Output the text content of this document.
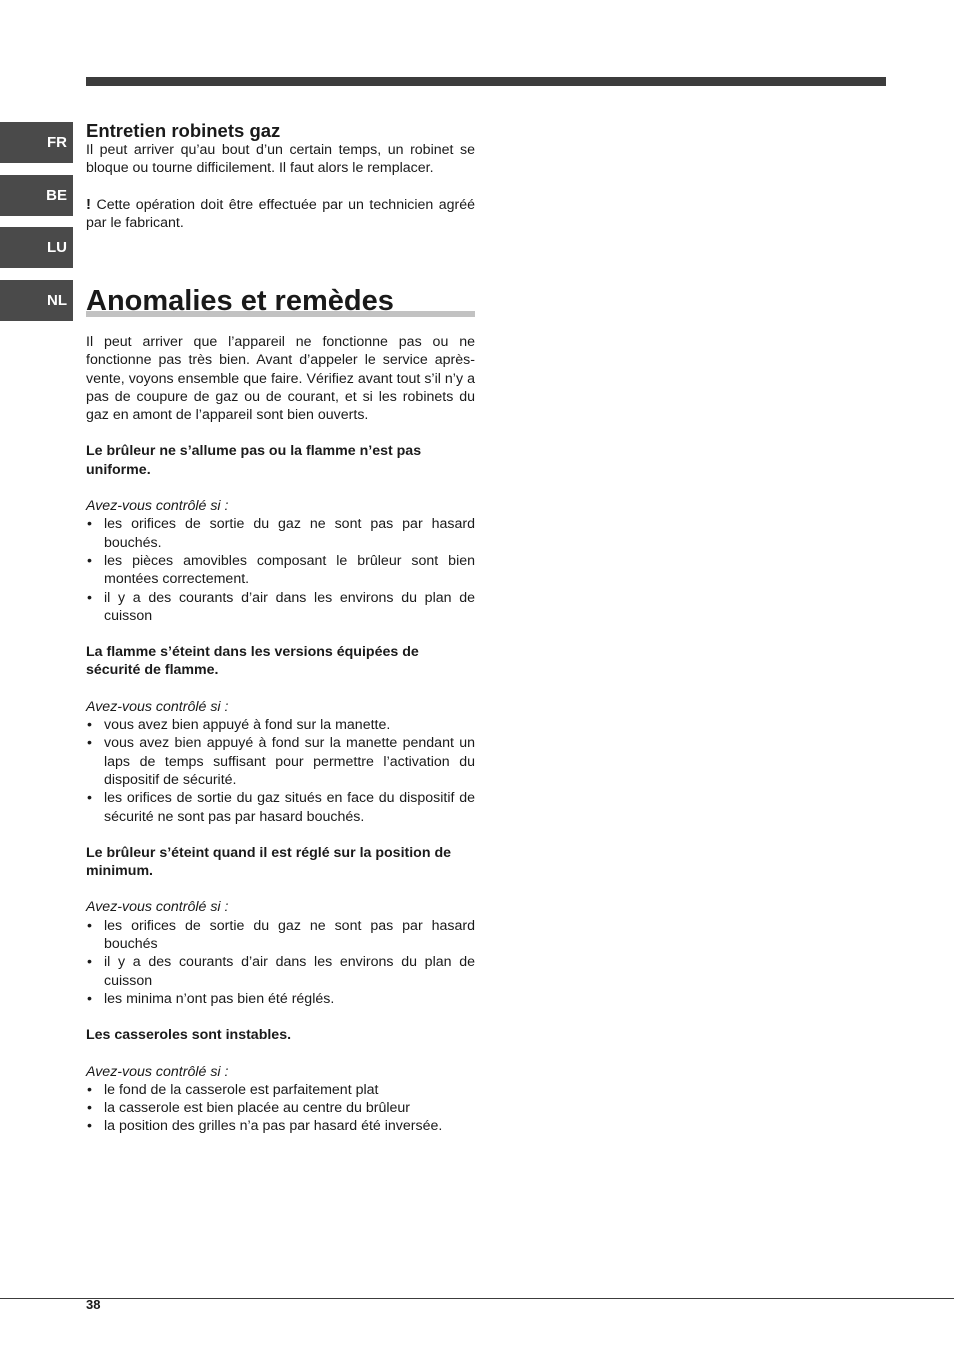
FR
BE
LU
NL
Entretien robinets gaz

Il peut arriver qu’au bout d’un certain temps, un robinet se bloque ou tourne difficilement. Il faut alors le remplacer.

! Cette opération doit être effectuée par un technicien agréé par le fabricant.

Anomalies et remèdes

Il peut arriver que l’appareil ne fonctionne pas ou ne fonctionne pas très bien. Avant d’appeler le service après-vente, voyons ensemble que faire. Vérifiez avant tout s’il n’y a pas de coupure de gaz ou de courant, et si les robinets du gaz en amont de l’appareil sont bien ouverts.

Le brûleur ne s’allume pas ou la flamme n’est pas uniforme.

Avez-vous contrôlé si :

• les orifices de sortie du gaz ne sont pas par hasard bouchés.
• les pièces amovibles composant le brûleur sont bien montées correctement.
• il y a des courants d’air dans les environs du plan de cuisson

La flamme s’éteint dans les versions équipées de sécurité de flamme.

Avez-vous contrôlé si :

• vous avez bien appuyé à fond sur la manette.
• vous avez bien appuyé à fond sur la manette pendant un laps de temps suffisant pour permettre l’activation du dispositif de sécurité.
• les orifices de sortie du gaz situés en face du dispositif de sécurité ne sont pas par hasard bouchés.

Le brûleur s’éteint quand il est réglé sur la position de minimum.

Avez-vous contrôlé si :

• les orifices de sortie du gaz ne sont pas par hasard bouchés
• il y a des courants d’air dans les environs du plan de cuisson
• les minima n’ont pas bien été réglés.

Les casseroles sont instables.

Avez-vous contrôlé si :

• le fond de la casserole est parfaitement plat
• la casserole est bien placée au centre du brûleur
• la position des grilles n’a pas par hasard été inversée.
38
